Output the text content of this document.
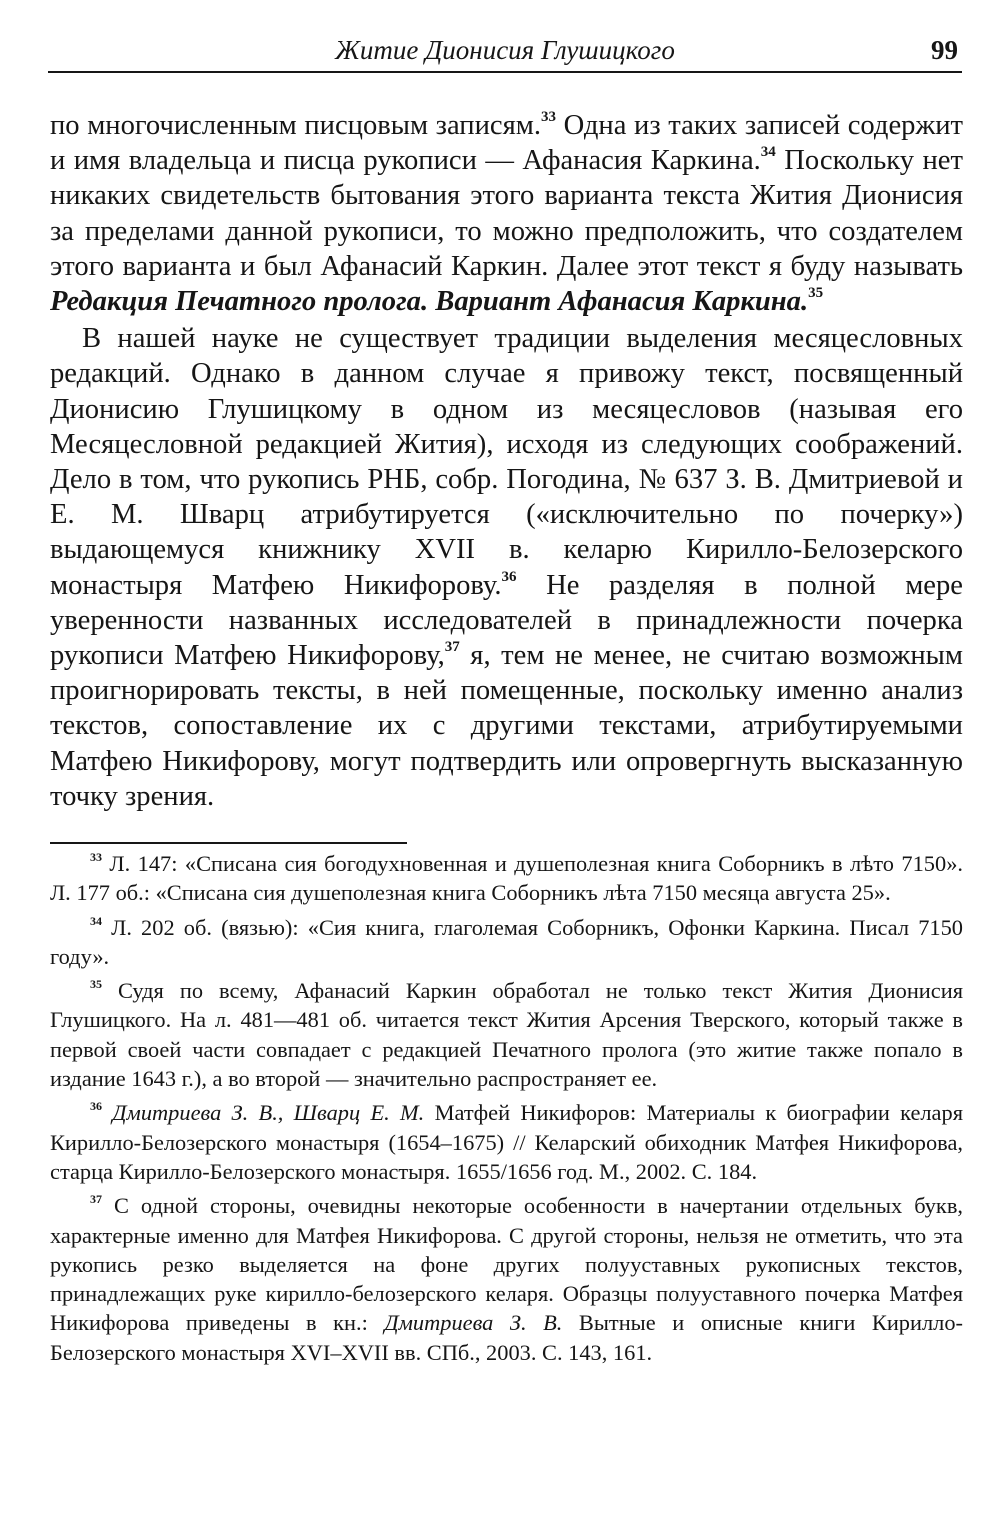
Житие Дионисия Глушицкого	99

по многочисленным писцовым записям.$^{33}$ Одна из таких записей содержит и имя владельца и писца рукописи — Афанасия Каркина.$^{34}$ Поскольку нет никаких свидетельств бытования этого варианта текста Жития Дионисия за пределами данной рукописи, то можно предположить, что создателем этого варианта и был Афанасий Каркин. Далее этот текст я буду называть Редакция Печатного пролога. Вариант Афанасия Каркина.$^{35}$

В нашей науке не существует традиции выделения месяцесловных редакций. Однако в данном случае я привожу текст, посвященный Дионисию Глушицкому в одном из месяцесловов (называя его Месяцесловной редакцией Жития), исходя из следующих соображений. Дело в том, что рукопись РНБ, собр. Погодина, № 637 З. В. Дмитриевой и Е. М. Шварц атрибутируется («исключительно по почерку») выдающемуся книжнику XVII в. келарю Кирилло-Белозерского монастыря Матфею Никифорову.$^{36}$ Не разделяя в полной мере уверенности названных исследователей в принадлежности почерка рукописи Матфею Никифорову,$^{37}$ я, тем не менее, не считаю возможным проигнорировать тексты, в ней помещенные, поскольку именно анализ текстов, сопоставление их с другими текстами, атрибутируемыми Матфею Никифорову, могут подтвердить или опровергнуть высказанную точку зрения.

$^{33}$ Л. 147: «Списана сия богодухновенная и душеполезная книга Соборникъ в лѣто 7150». Л. 177 об.: «Списана сия душеполезная книга Соборникъ лѣта 7150 месяца августа 25».

$^{34}$ Л. 202 об. (вязью): «Сия книга, глаголемая Соборникъ, Офонки Каркина. Писал 7150 году».

$^{35}$ Судя по всему, Афанасий Каркин обработал не только текст Жития Дионисия Глушицкого. На л. 481—481 об. читается текст Жития Арсения Тверского, который также в первой своей части совпадает с редакцией Печатного пролога (это житие также попало в издание 1643 г.), а во второй — значительно распространяет ее.

$^{36}$ Дмитриева З. В., Шварц Е. М. Матфей Никифоров: Материалы к биографии келаря Кирилло-Белозерского монастыря (1654–1675) // Келарский обиходник Матфея Никифорова, старца Кирилло-Белозерского монастыря. 1655/1656 год. М., 2002. С. 184.

$^{37}$ С одной стороны, очевидны некоторые особенности в начертании отдельных букв, характерные именно для Матфея Никифорова. С другой стороны, нельзя не отметить, что эта рукопись резко выделяется на фоне других полууставных рукописных текстов, принадлежащих руке кирилло-белозерского келаря. Образцы полууставного почерка Матфея Никифорова приведены в кн.: Дмитриева З. В. Вытные и описные книги Кирилло-Белозерского монастыря XVI–XVII вв. СПб., 2003. С. 143, 161.
